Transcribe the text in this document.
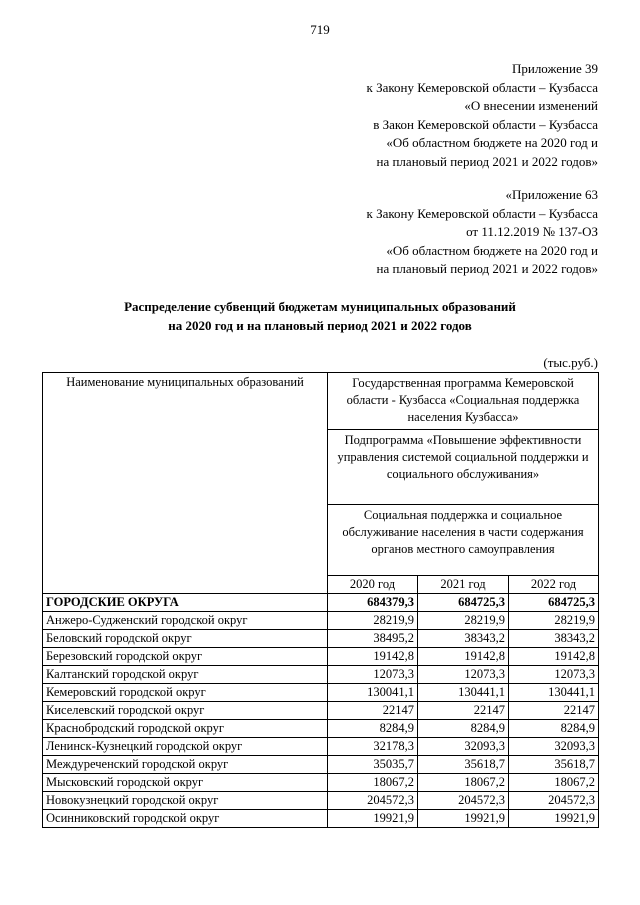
719
Приложение 39
к Закону Кемеровской области – Кузбасса
«О внесении изменений
в Закон Кемеровской области – Кузбасса
«Об областном бюджете на 2020 год и
на плановый период 2021 и 2022 годов»
«Приложение 63
к Закону Кемеровской области – Кузбасса
от 11.12.2019 № 137-ОЗ
«Об областном бюджете на 2020 год и
на плановый период 2021 и 2022 годов»
Распределение субвенций бюджетам муниципальных образований
на 2020 год и на плановый период 2021 и 2022 годов
(тыс.руб.)
Наименование муниципальных образований	Государственная программа Кемеровской области - Кузбасса «Социальная поддержка населения Кузбасса»		
	Подпрограмма «Повышение эффективности управления системой социальной поддержки и социального обслуживания»		
	Социальная поддержка и социальное обслуживание населения в части содержания органов местного самоуправления		
	2020 год	2021 год	2022 год
ГОРОДСКИЕ ОКРУГА	684379,3	684725,3	684725,3
Анжеро-Судженский городской округ	28219,9	28219,9	28219,9
Беловский городской округ	38495,2	38343,2	38343,2
Березовский городской округ	19142,8	19142,8	19142,8
Калтанский городской округ	12073,3	12073,3	12073,3
Кемеровский городской округ	130041,1	130441,1	130441,1
Киселевский городской округ	22147	22147	22147
Краснобродский городской округ	8284,9	8284,9	8284,9
Ленинск-Кузнецкий городской округ	32178,3	32093,3	32093,3
Междуреченский городской округ	35035,7	35618,7	35618,7
Мысковский городской округ	18067,2	18067,2	18067,2
Новокузнецкий городской округ	204572,3	204572,3	204572,3
Осинниковский городской округ	19921,9	19921,9	19921,9
